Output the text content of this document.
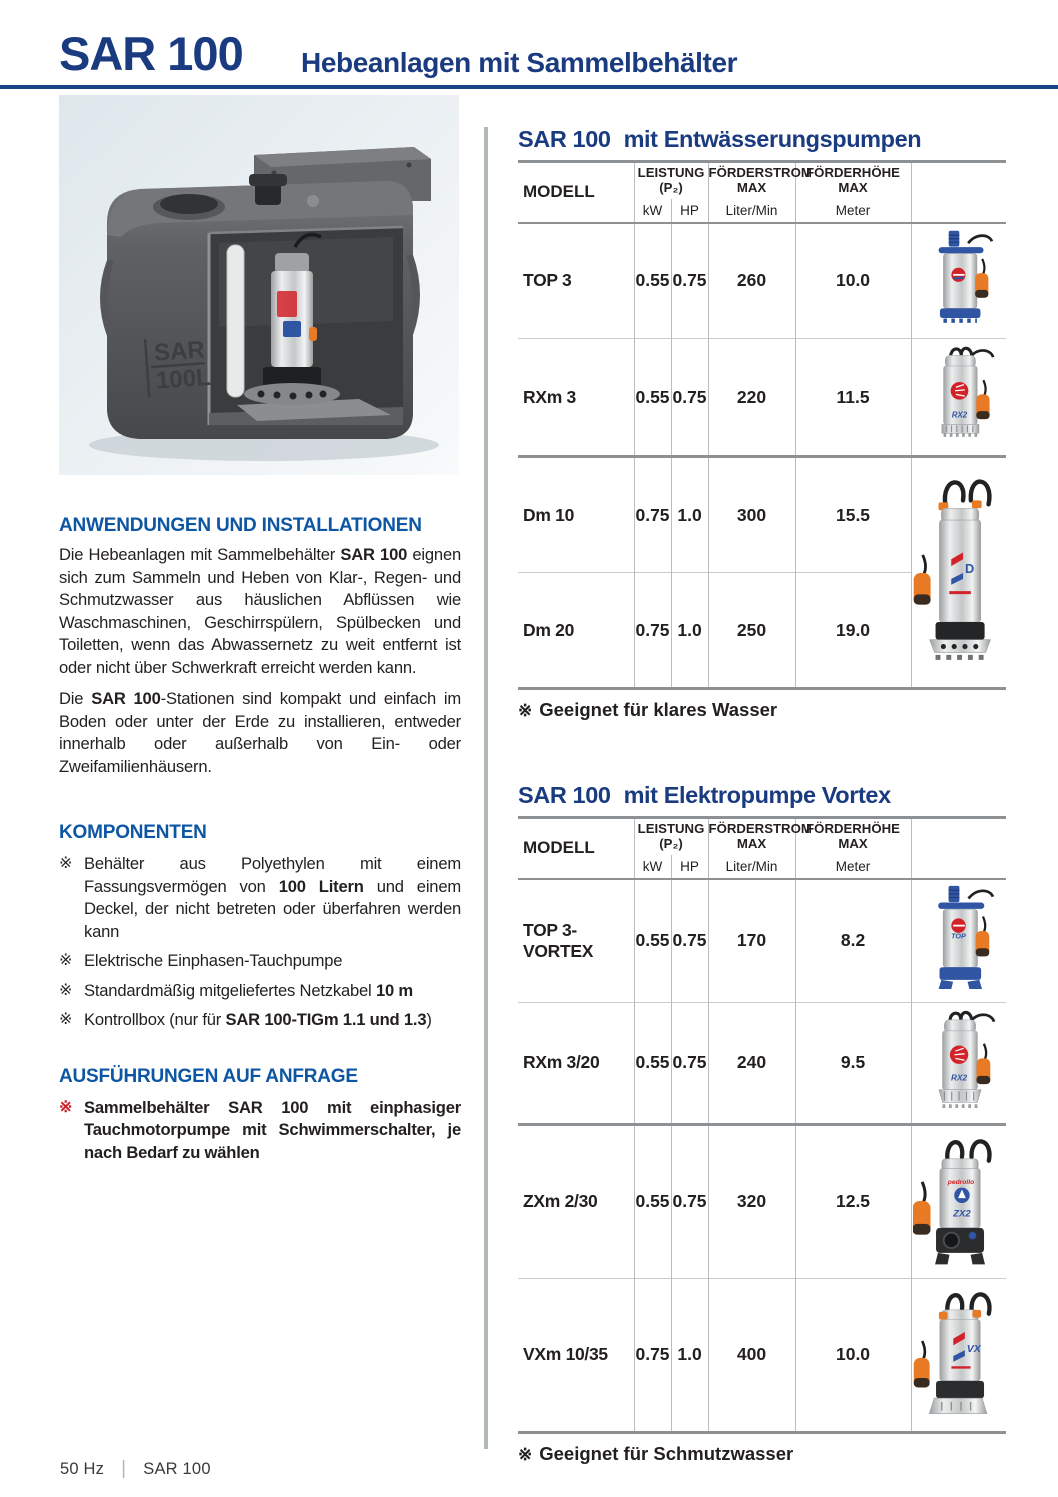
SAR 100 Hebeanlagen mit Sammelbehälter
SAR
100L
ANWENDUNGEN UND INSTALLATIONEN

Die Hebeanlagen mit Sammelbehälter SAR 100 eignen sich zum Sammeln und Heben von Klar-, Regen- und Schmutzwasser aus häuslichen Abflüssen wie Waschmaschinen, Geschirrspülern, Spülbecken und Toiletten, wenn das Abwassernetz zu weit entfernt ist oder nicht über Schwerkraft erreicht werden kann.

Die SAR 100-Stationen sind kompakt und einfach im Boden oder unter der Erde zu installieren, entweder innerhalb oder außerhalb von Ein- oder Zweifamilienhäusern.

KOMPONENTEN
※ Behälter aus Polyethylen mit einem Fassungsvermögen von 100 Litern und einem Deckel, der nicht betreten oder überfahren werden kann
※ Elektrische Einphasen-Tauchpumpe
※ Standardmäßig mitgeliefertes Netzkabel 10 m
※ Kontrollbox (nur für SAR 100-TIGm 1.1 und 1.3)
AUSFÜHRUNGEN AUF ANFRAGE
※ Sammelbehälter SAR 100 mit einphasiger Tauchmotorpumpe mit Schwimmerschalter, je nach Bedarf zu wählen
SAR 100 mit Entwässerungspumpen
MODELL	
LEISTUNG
(P₂)

FÖRDERSTROM
MAX

FÖRDERHÖHE
MAX

	kW	HP	Liter/Min	Meter	
TOP 3	0.55	0.75	260	10.0	

RXm 3	0.55	0.75	220	11.5	RX2

Dm 10	0.75	1.0	300	15.5	D

Dm 20	0.75	1.0	250	19.0	
※ Geeignet für klares Wasser
SAR 100 mit Elektropumpe Vortex
MODELL	
LEISTUNG
(P₂)

FÖRDERSTROM
MAX

FÖRDERHÖHE
MAX

	kW	HP	Liter/Min	Meter	
TOP 3-VORTEX	0.55	0.75	170	8.2	TOP

RXm 3/20	0.55	0.75	240	9.5	RX2

ZXm 2/30	0.55	0.75	320	12.5	pedrollo
ZX2

VXm 10/35	0.75	1.0	400	10.0	VX
※ Geeignet für Schmutzwasser
50 Hz | SAR 100
